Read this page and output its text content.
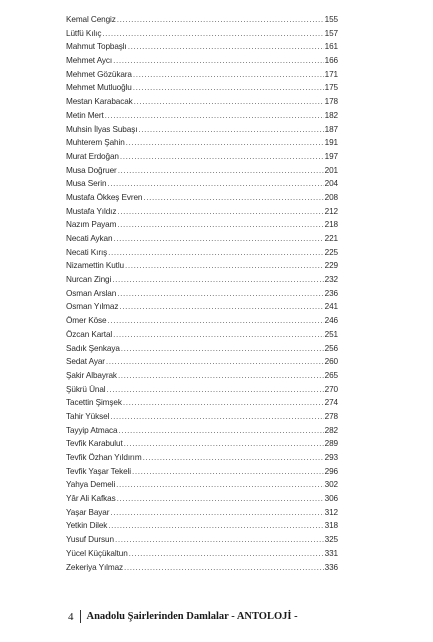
Kemal Cengiz .....	155
Lütfü Kılıç .....	157
Mahmut Topbaşlı .....	161
Mehmet Aycı .....	166
Mehmet Gözükara .....	171
Mehmet Mutluoğlu .....	175
Mestan Karabacak .....	178
Metin Mert .....	182
Muhsin İlyas Subaşı .....	187
Muhterem Şahin .....	191
Murat Erdoğan .....	197
Musa Doğruer .....	201
Musa Serin .....	204
Mustafa Ökkeş Evren .....	208
Mustafa Yıldız .....	212
Nazım Payam .....	218
Necati Aykan .....	221
Necati Kırış .....	225
Nizamettin Kutlu .....	229
Nurcan Zingi .....	232
Osman Arslan .....	236
Osman Yılmaz .....	241
Ömer Köse .....	246
Özcan Kartal .....	251
Sadık Şenkaya .....	256
Sedat Ayar .....	260
Şakir Albayrak .....	265
Şükrü Ünal .....	270
Tacettin Şimşek .....	274
Tahir Yüksel .....	278
Tayyip Atmaca .....	282
Tevfik Karabulut .....	289
Tevfik Özhan Yıldırım .....	293
Tevfik Yaşar Tekeli .....	296
Yahya Demeli .....	302
Yâr Ali Kafkas .....	306
Yaşar Bayar .....	312
Yetkin Dilek .....	318
Yusuf Dursun .....	325
Yücel Küçükaltun .....	331
Zekeriya Yılmaz .....	336
4 Anadolu Şairlerinden Damlalar - ANTOLOJİ -
